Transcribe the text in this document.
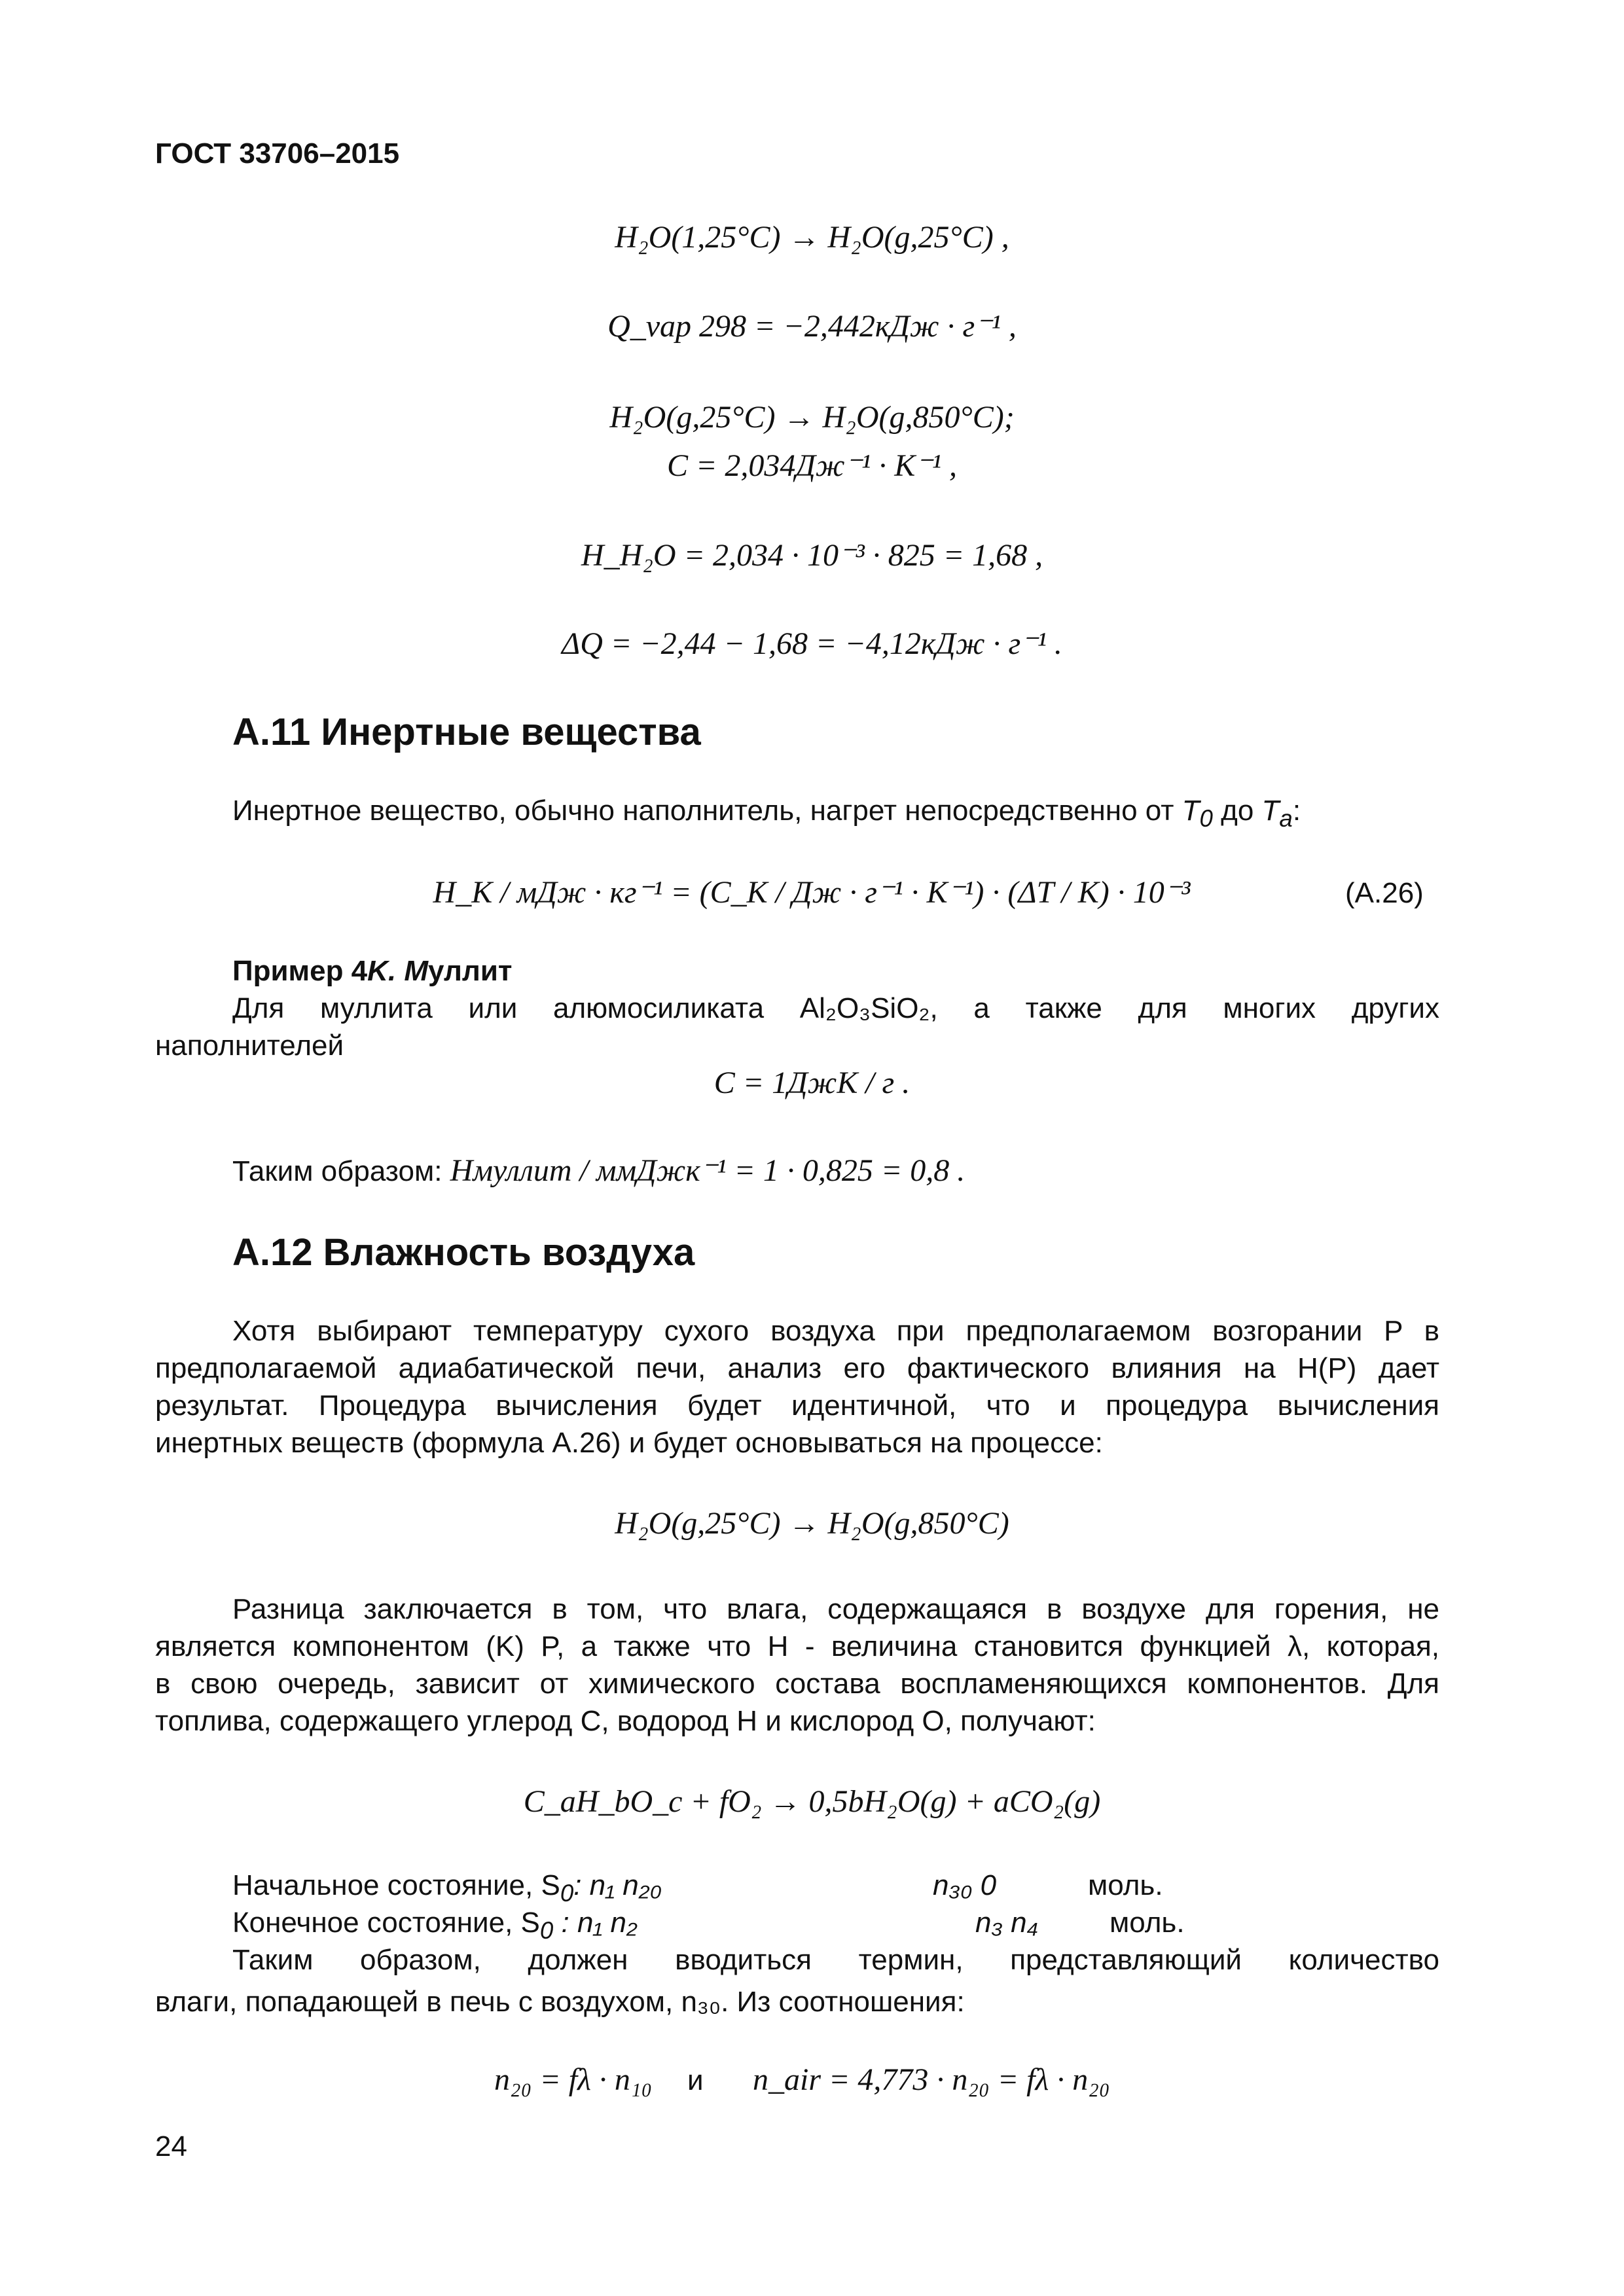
ГОСТ 33706–2015
H₂O(1,25°C) → H₂O(g,25°C) ,
Q_vap 298 = −2,442кДж · г⁻¹ ,
H₂O(g,25°C) → H₂O(g,850°C);
C = 2,034Дж⁻¹ · K⁻¹ ,
H_H₂O = 2,034 · 10⁻³ · 825 = 1,68 ,
ΔQ = −2,44 − 1,68 = −4,12кДж · г⁻¹ .
A.11 Инертные вещества
Инертное вещество, обычно наполнитель, нагрет непосредственно от $T_0$ до $T_a$:
H_K / мДж · кг⁻¹ = (C_K / Дж · г⁻¹ · K⁻¹) · (ΔT / K) · 10⁻³	(A.26)
Пример 4K. Mуллит
Для муллита или алюмосиликата Al₂O₃SiO₂, а также для многих других
наполнителей
C = 1ДжК / г .
Таким образом: Нмуллит / ммДжк⁻¹ = 1 · 0,825 = 0,8 .
A.12 Влажность воздуха
Хотя выбирают температуру сухого воздуха при предполагаемом возгорании P в
предполагаемой адиабатической печи, анализ его фактического влияния на H(P) дает
результат. Процедура вычисления будет идентичной, что и процедура вычисления
инертных веществ (формула A.26) и будет основываться на процессе:
H₂O(g,25°C) → H₂O(g,850°C)
Разница заключается в том, что влага, содержащаяся в воздухе для горения, не
является компонентом (K) P, а также что H - величина становится функцией λ, которая,
в свою очередь, зависит от химического состава воспламеняющихся компонентов. Для
топлива, содержащего углерод C, водород H и кислород O, получают:
C_aH_bO_c + fO₂ → 0,5bH₂O(g) + aCO₂(g)
Начальное состояние, $S_0$: n₁ n₂₀	n₃₀ 0	моль.
Конечное состояние, $S_0$ : n₁ n₂	n₃ n₄ моль.
Таким образом, должен вводиться термин, представляющий количество
влаги, попадающей в печь с воздухом, n₃₀. Из соотношения:
n₂₀ = fλ · n₁₀ и n_air = 4,773 · n₂₀ = fλ · n₂₀
24
